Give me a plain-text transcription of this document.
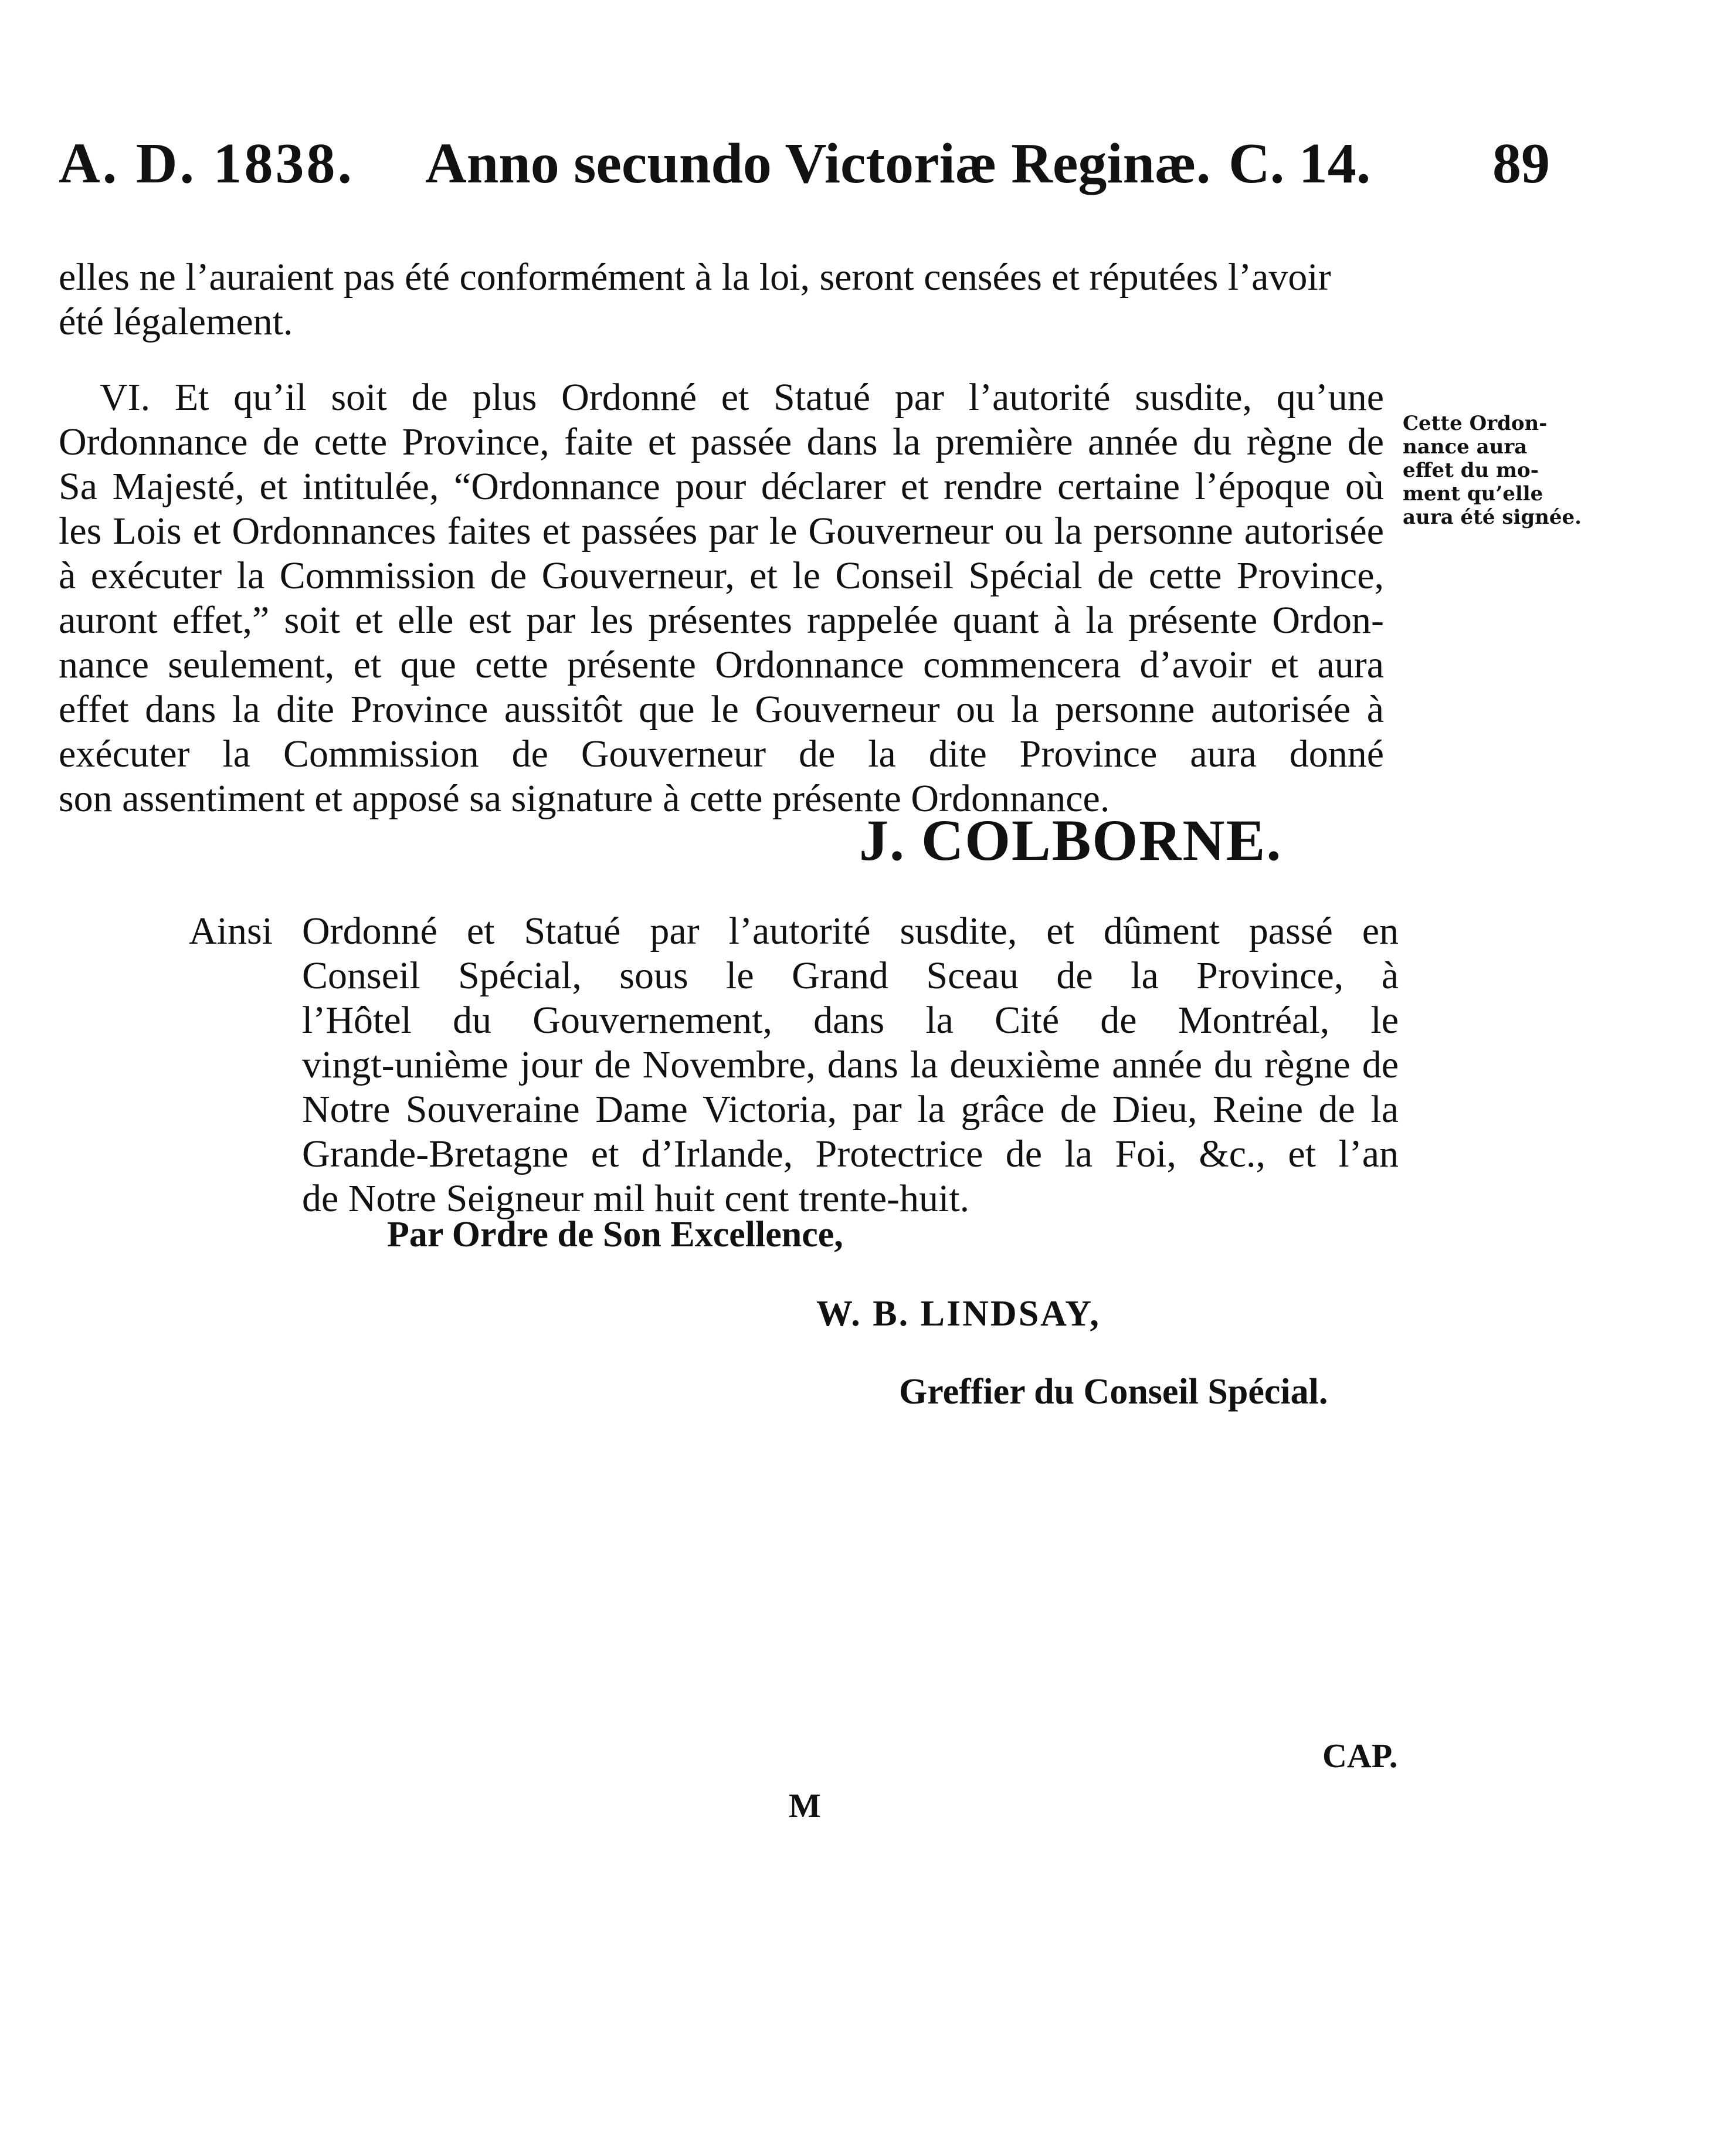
A. D. 1838. Anno secundo Victoriæ Reginæ. C. 14. 89
elles ne l’auraient pas été conformément à la loi, seront censées et réputées l’avoir
été légalement.
VI. Et qu’il soit de plus Ordonné et Statué par l’autorité susdite, qu’une
Ordonnance de cette Province, faite et passée dans la première année du règne de
Sa Majesté, et intitulée, “Ordonnance pour déclarer et rendre certaine l’époque où
les Lois et Ordonnances faites et passées par le Gouverneur ou la personne autorisée
à exécuter la Commission de Gouverneur, et le Conseil Spécial de cette Province,
auront effet,” soit et elle est par les présentes rappelée quant à la présente Ordon-
nance seulement, et que cette présente Ordonnance commencera d’avoir et aura
effet dans la dite Province aussitôt que le Gouverneur ou la personne autorisée à
exécuter la Commission de Gouverneur de la dite Province aura donné
son assentiment et apposé sa signature à cette présente Ordonnance.
Cette Ordon-
nance aura
effet du mo-
ment qu’elle
aura été signée.
J. COLBORNE.
Ainsi Ordonné et Statué par l’autorité susdite, et dûment passé en
Conseil Spécial, sous le Grand Sceau de la Province, à
l’Hôtel du Gouvernement, dans la Cité de Montréal, le
vingt-unième jour de Novembre, dans la deuxième année du règne de
Notre Souveraine Dame Victoria, par la grâce de Dieu, Reine de la
Grande-Bretagne et d’Irlande, Protectrice de la Foi, &c., et l’an
de Notre Seigneur mil huit cent trente-huit.
Par Ordre de Son Excellence,
W. B. LINDSAY,
Greffier du Conseil Spécial.
CAP.
M
